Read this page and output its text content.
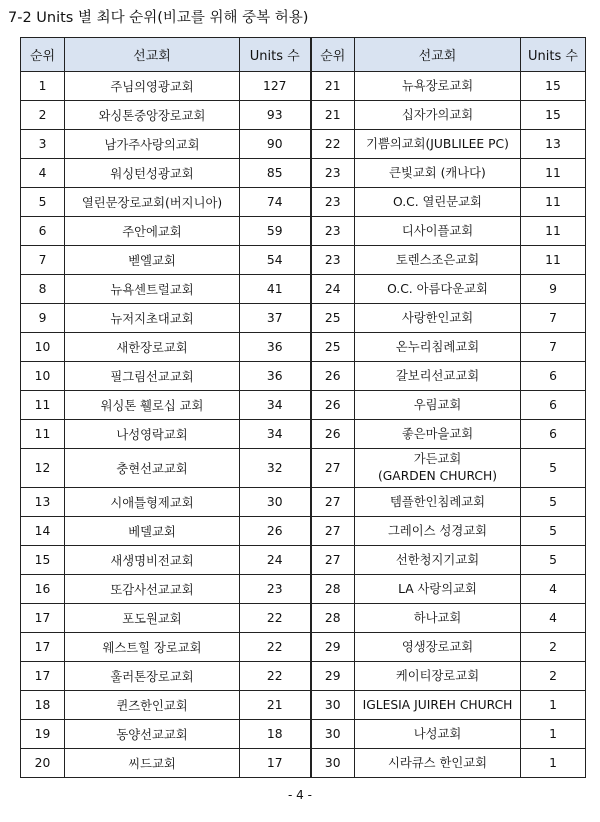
7-2 Units 별 최다 순위(비교를 위해 중복 허용)
순위	선교회	Units 수	순위	선교회	Units 수
1	주님의영광교회	127	21	뉴욕장로교회	15
2	와싱톤중앙장로교회	93	21	십자가의교회	15
3	남가주사랑의교회	90	22	기쁨의교회(JUBLILEE PC)	13
4	워싱턴성광교회	85	23	큰빛교회 (캐나다)	11
5	열린문장로교회(버지니아)	74	23	O.C. 열린문교회	11
6	주안에교회	59	23	디사이플교회	11
7	벧엘교회	54	23	토렌스조은교회	11
8	뉴욕센트럴교회	41	24	O.C. 아름다운교회	9
9	뉴저지초대교회	37	25	사랑한인교회	7
10	새한장로교회	36	25	온누리침례교회	7
10	필그림선교교회	36	26	갈보리선교교회	6
11	워싱톤 휄로십 교회	34	26	우림교회	6
11	나성영락교회	34	26	좋은마을교회	6
12	충현선교교회	32	27	가든교회
(GARDEN CHURCH)	5
13	시애틀형제교회	30	27	템플한인침례교회	5
14	베델교회	26	27	그레이스 성경교회	5
15	새생명비전교회	24	27	선한청지기교회	5
16	또감사선교교회	23	28	LA 사랑의교회	4
17	포도원교회	22	28	하나교회	4
17	웨스트힐 장로교회	22	29	영생장로교회	2
17	훌러톤장로교회	22	29	케이티장로교회	2
18	퀸즈한인교회	21	30	IGLESIA JUIREH CHURCH	1
19	동양선교교회	18	30	나성교회	1
20	씨드교회	17	30	시라큐스 한인교회	1
- 4 -
